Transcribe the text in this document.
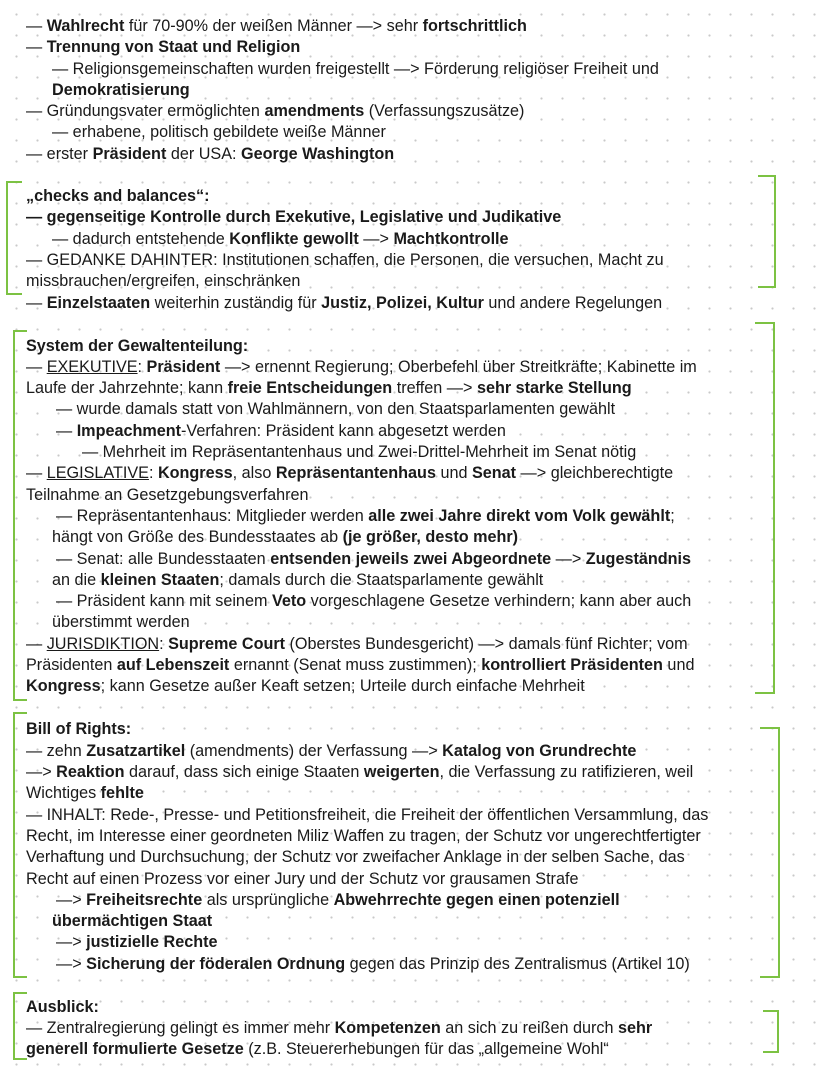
— Wahlrecht für 70-90% der weißen Männer —> sehr fortschrittlich
— Trennung von Staat und Religion
— Religionsgemeinschaften wurden freigestellt —> Förderung religiöser Freiheit und
Demokratisierung
— Gründungsvater ermöglichten amendments (Verfassungszusätze)
— erhabene, politisch gebildete weiße Männer
— erster Präsident der USA: George Washington
„checks and balances“:
— gegenseitige Kontrolle durch Exekutive, Legislative und Judikative
— dadurch entstehende Konflikte gewollt —> Machtkontrolle
— GEDANKE DAHINTER: Institutionen schaffen, die Personen, die versuchen, Macht zu
missbrauchen/ergreifen, einschränken
— Einzelstaaten weiterhin zuständig für Justiz, Polizei, Kultur und andere Regelungen
System der Gewaltenteilung:
— EXEKUTIVE: Präsident —> ernennt Regierung; Oberbefehl über Streitkräfte; Kabinette im
Laufe der Jahrzehnte; kann freie Entscheidungen treffen —> sehr starke Stellung
— wurde damals statt von Wahlmännern, von den Staatsparlamenten gewählt
— Impeachment-Verfahren: Präsident kann abgesetzt werden
— Mehrheit im Repräsentantenhaus und Zwei-Drittel-Mehrheit im Senat nötig
— LEGISLATIVE: Kongress, also Repräsentantenhaus und Senat —> gleichberechtigte
Teilnahme an Gesetzgebungsverfahren
— Repräsentantenhaus: Mitglieder werden alle zwei Jahre direkt vom Volk gewählt;
hängt von Größe des Bundesstaates ab (je größer, desto mehr)
— Senat: alle Bundesstaaten entsenden jeweils zwei Abgeordnete —> Zugeständnis
an die kleinen Staaten; damals durch die Staatsparlamente gewählt
— Präsident kann mit seinem Veto vorgeschlagene Gesetze verhindern; kann aber auch
überstimmt werden
— JURISDIKTION: Supreme Court (Oberstes Bundesgericht) —> damals fünf Richter; vom
Präsidenten auf Lebenszeit ernannt (Senat muss zustimmen); kontrolliert Präsidenten und
Kongress; kann Gesetze außer Keaft setzen; Urteile durch einfache Mehrheit
Bill of Rights:
— zehn Zusatzartikel (amendments) der Verfassung —> Katalog von Grundrechte
—> Reaktion darauf, dass sich einige Staaten weigerten, die Verfassung zu ratifizieren, weil
Wichtiges fehlte
— INHALT: Rede-, Presse- und Petitionsfreiheit, die Freiheit der öffentlichen Versammlung, das
Recht, im Interesse einer geordneten Miliz Waffen zu tragen, der Schutz vor ungerechtfertigter
Verhaftung und Durchsuchung, der Schutz vor zweifacher Anklage in der selben Sache, das
Recht auf einen Prozess vor einer Jury und der Schutz vor grausamen Strafe
—> Freiheitsrechte als ursprüngliche Abwehrrechte gegen einen potenziell
übermächtigen Staat
—> justizielle Rechte
—> Sicherung der föderalen Ordnung gegen das Prinzip des Zentralismus (Artikel 10)
Ausblick:
— Zentralregierung gelingt es immer mehr Kompetenzen an sich zu reißen durch sehr
generell formulierte Gesetze (z.B. Steuererhebungen für das „allgemeine Wohl“
